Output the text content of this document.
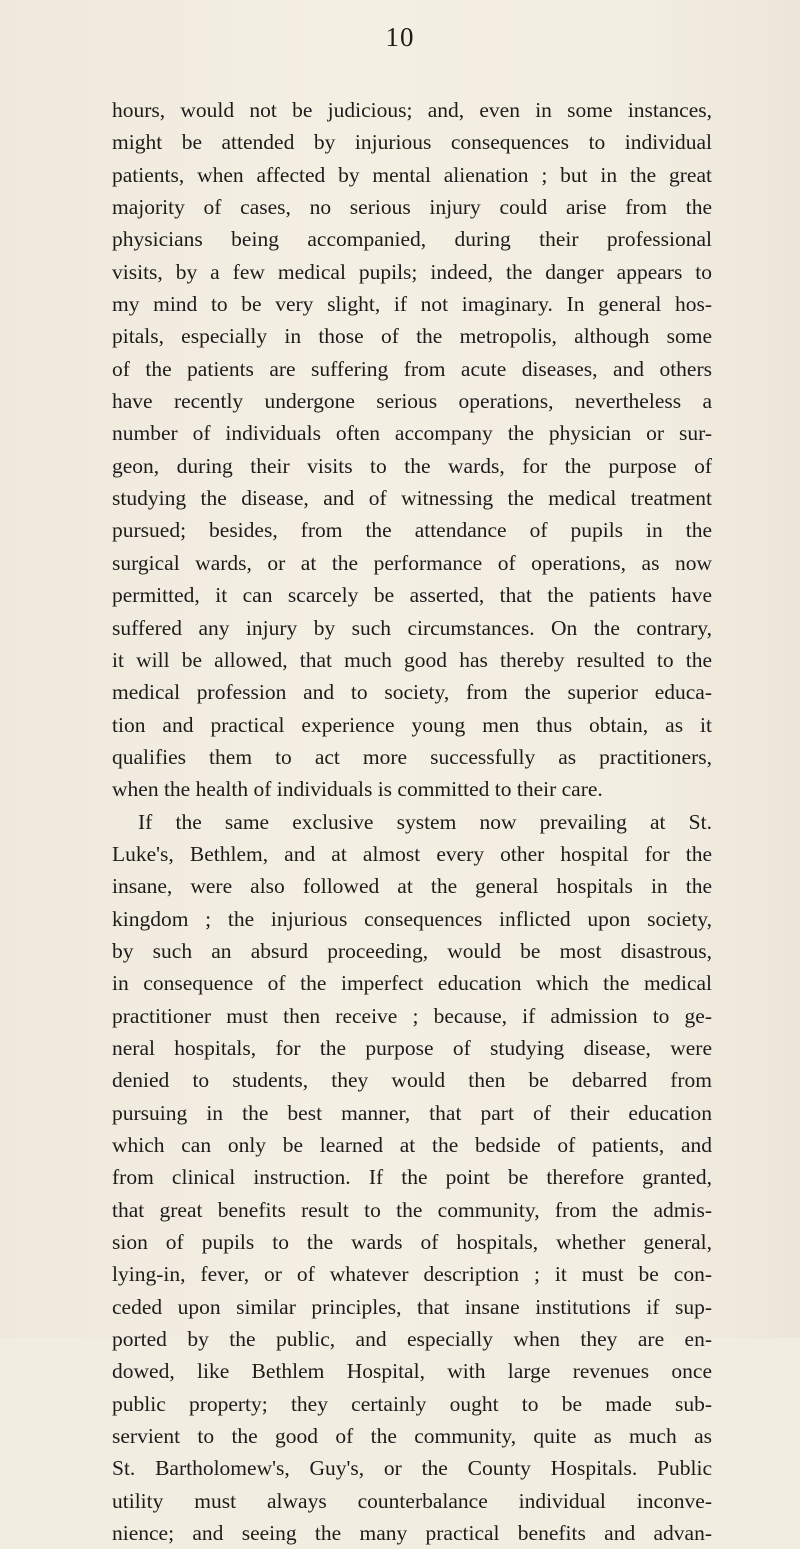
10
hours, would not be judicious; and, even in some instances,
might be attended by injurious consequences to individual
patients, when affected by mental alienation ; but in the great
majority of cases, no serious injury could arise from the
physicians being accompanied, during their professional
visits, by a few medical pupils; indeed, the danger appears to
my mind to be very slight, if not imaginary. In general hos-
pitals, especially in those of the metropolis, although some
of the patients are suffering from acute diseases, and others
have recently undergone serious operations, nevertheless a
number of individuals often accompany the physician or sur-
geon, during their visits to the wards, for the purpose of
studying the disease, and of witnessing the medical treatment
pursued; besides, from the attendance of pupils in the
surgical wards, or at the performance of operations, as now
permitted, it can scarcely be asserted, that the patients have
suffered any injury by such circumstances. On the contrary,
it will be allowed, that much good has thereby resulted to the
medical profession and to society, from the superior educa-
tion and practical experience young men thus obtain, as it
qualifies them to act more successfully as practitioners,
when the health of individuals is committed to their care.
If the same exclusive system now prevailing at St.
Luke's, Bethlem, and at almost every other hospital for the
insane, were also followed at the general hospitals in the
kingdom ; the injurious consequences inflicted upon society,
by such an absurd proceeding, would be most disastrous,
in consequence of the imperfect education which the medical
practitioner must then receive ; because, if admission to ge-
neral hospitals, for the purpose of studying disease, were
denied to students, they would then be debarred from
pursuing in the best manner, that part of their education
which can only be learned at the bedside of patients, and
from clinical instruction. If the point be therefore granted,
that great benefits result to the community, from the admis-
sion of pupils to the wards of hospitals, whether general,
lying-in, fever, or of whatever description ; it must be con-
ceded upon similar principles, that insane institutions if sup-
ported by the public, and especially when they are en-
dowed, like Bethlem Hospital, with large revenues once
public property; they certainly ought to be made sub-
servient to the good of the community, quite as much as
St. Bartholomew's, Guy's, or the County Hospitals. Public
utility must always counterbalance individual inconve-
nience; and seeing the many practical benefits and advan-
